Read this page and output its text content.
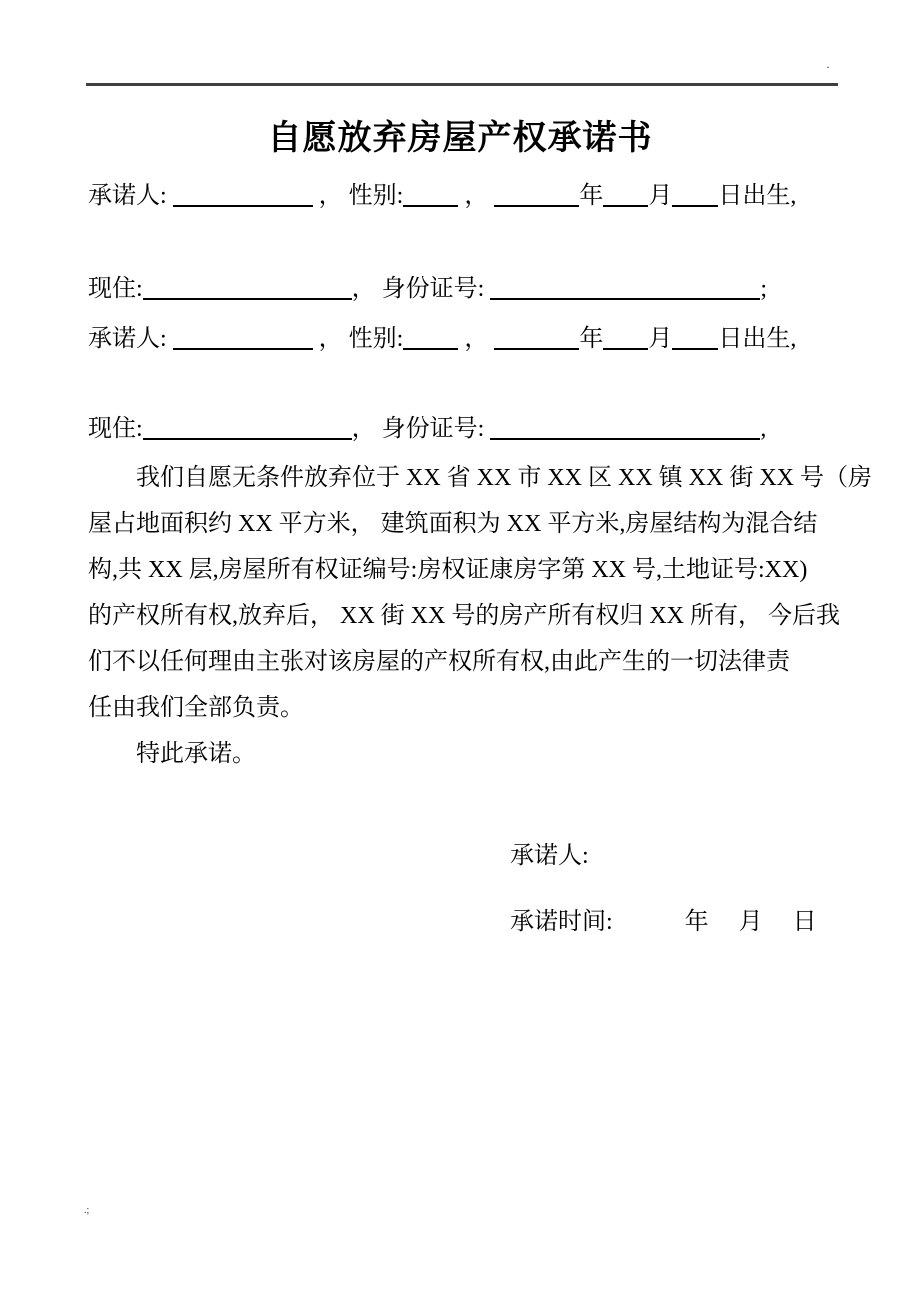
·
自愿放弃房屋产权承诺书
承诺人:	， 性别: ，	年 月 日出生,
现住:	， 身份证号:	;
承诺人:	， 性别: ，	年 月 日出生,
现住:	， 身份证号:	,
我们自愿无条件放弃位于 XX 省 XX 市 XX 区 XX 镇 XX 街 XX 号（房
屋占地面积约 XX 平方米， 建筑面积为 XX 平方米,房屋结构为混合结
构,共 XX 层,房屋所有权证编号:房权证康房字第 XX 号,土地证号:XX)
的产权所有权,放弃后， XX 街 XX 号的房产所有权归 XX 所有， 今后我
们不以任何理由主张对该房屋的产权所有权,由此产生的一切法律责
任由我们全部负责。
特此承诺。
承诺人:
承诺时间:　　　年　 月　 日
.;
